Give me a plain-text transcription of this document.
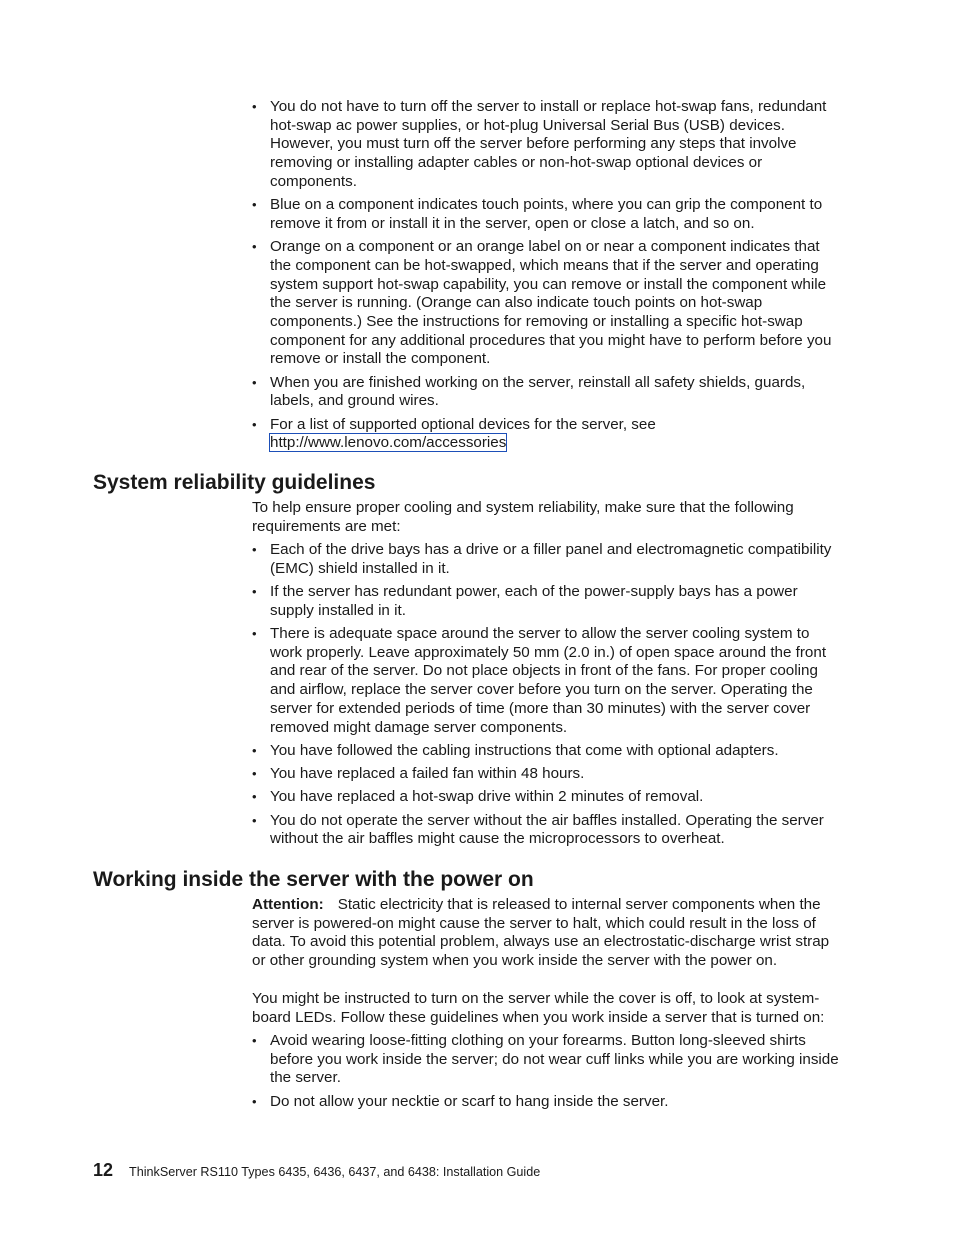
• You do not have to turn off the server to install or replace hot-swap fans, redundant hot-swap ac power supplies, or hot-plug Universal Serial Bus (USB) devices. However, you must turn off the server before performing any steps that involve removing or installing adapter cables or non-hot-swap optional devices or components.
• Blue on a component indicates touch points, where you can grip the component to remove it from or install it in the server, open or close a latch, and so on.
• Orange on a component or an orange label on or near a component indicates that the component can be hot-swapped, which means that if the server and operating system support hot-swap capability, you can remove or install the component while the server is running. (Orange can also indicate touch points on hot-swap components.) See the instructions for removing or installing a specific hot-swap component for any additional procedures that you might have to perform before you remove or install the component.
• When you are finished working on the server, reinstall all safety shields, guards, labels, and ground wires.
• For a list of supported optional devices for the server, see http://www.lenovo.com/accessories
System reliability guidelines

To help ensure proper cooling and system reliability, make sure that the following requirements are met:

• Each of the drive bays has a drive or a filler panel and electromagnetic compatibility (EMC) shield installed in it.
• If the server has redundant power, each of the power-supply bays has a power supply installed in it.
• There is adequate space around the server to allow the server cooling system to work properly. Leave approximately 50 mm (2.0 in.) of open space around the front and rear of the server. Do not place objects in front of the fans. For proper cooling and airflow, replace the server cover before you turn on the server. Operating the server for extended periods of time (more than 30 minutes) with the server cover removed might damage server components.
• You have followed the cabling instructions that come with optional adapters.
• You have replaced a failed fan within 48 hours.
• You have replaced a hot-swap drive within 2 minutes of removal.
• You do not operate the server without the air baffles installed. Operating the server without the air baffles might cause the microprocessors to overheat.
Working inside the server with the power on

Attention: Static electricity that is released to internal server components when the server is powered-on might cause the server to halt, which could result in the loss of data. To avoid this potential problem, always use an electrostatic-discharge wrist strap or other grounding system when you work inside the server with the power on.

You might be instructed to turn on the server while the cover is off, to look at system-board LEDs. Follow these guidelines when you work inside a server that is turned on:

• Avoid wearing loose-fitting clothing on your forearms. Button long-sleeved shirts before you work inside the server; do not wear cuff links while you are working inside the server.
• Do not allow your necktie or scarf to hang inside the server.
12 ThinkServer RS110 Types 6435, 6436, 6437, and 6438: Installation Guide
